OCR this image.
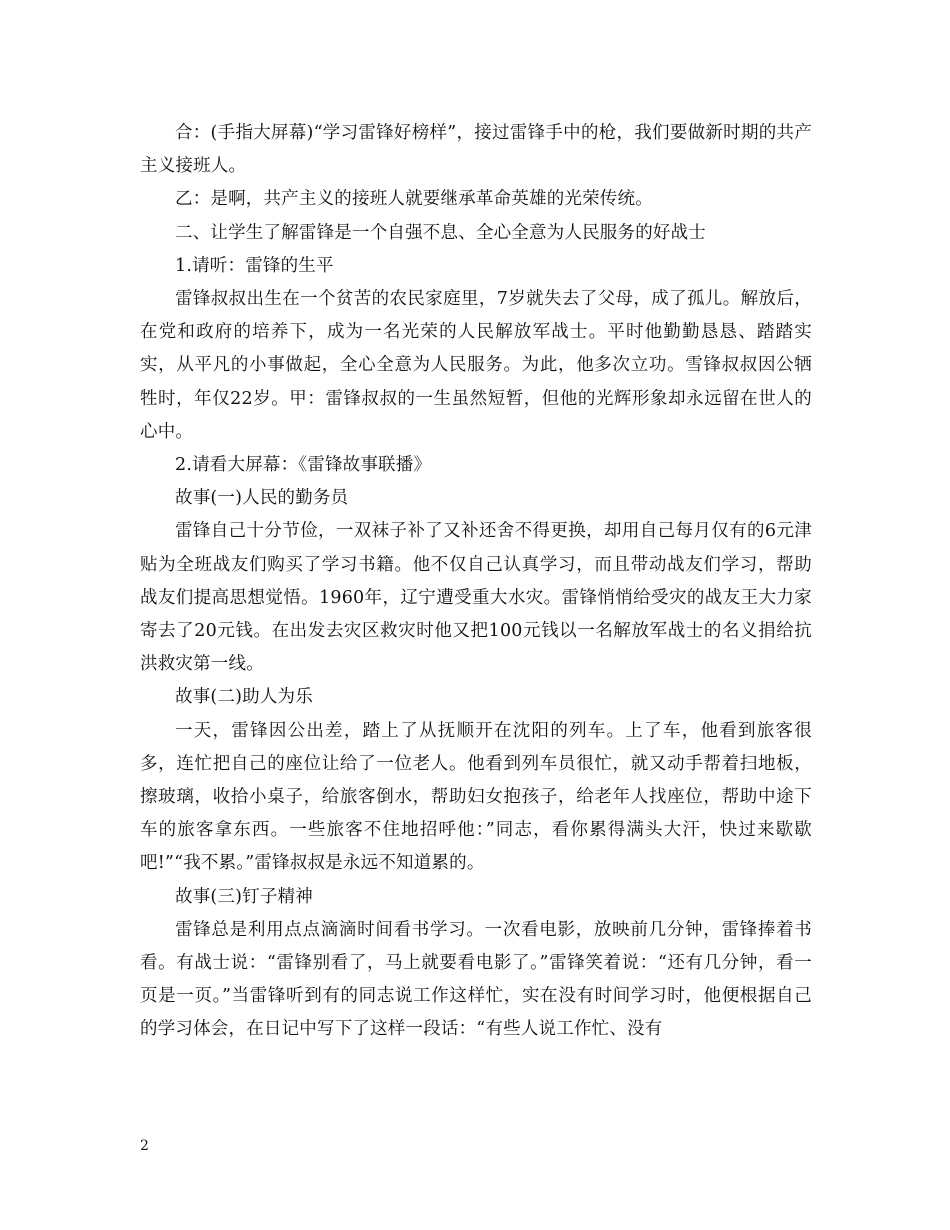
合：(手指大屏幕)“学习雷锋好榜样”，接过雷锋手中的枪，我们要做新时期的共产主义接班人。

乙：是啊，共产主义的接班人就要继承革命英雄的光荣传统。

二、让学生了解雷锋是一个自强不息、全心全意为人民服务的好战士

1.请听：雷锋的生平

雷锋叔叔出生在一个贫苦的农民家庭里，7岁就失去了父母，成了孤儿。解放后，在党和政府的培养下，成为一名光荣的人民解放军战士。平时他勤勤恳恳、踏踏实实，从平凡的小事做起，全心全意为人民服务。为此，他多次立功。雪锋叔叔因公牺牲时，年仅22岁。甲：雷锋叔叔的一生虽然短暂，但他的光辉形象却永远留在世人的心中。

2.请看大屏幕：《雷锋故事联播》

故事(一)人民的勤务员

雷锋自己十分节俭，一双袜子补了又补还舍不得更换，却用自己每月仅有的6元津贴为全班战友们购买了学习书籍。他不仅自己认真学习，而且带动战友们学习，帮助战友们提高思想觉悟。1960年，辽宁遭受重大水灾。雷锋悄悄给受灾的战友王大力家寄去了20元钱。在出发去灾区救灾时他又把100元钱以一名解放军战士的名义捐给抗洪救灾第一线。

故事(二)助人为乐

一天，雷锋因公出差，踏上了从抚顺开在沈阳的列车。上了车，他看到旅客很多，连忙把自己的座位让给了一位老人。他看到列车员很忙，就又动手帮着扫地板，擦玻璃，收拾小桌子，给旅客倒水，帮助妇女抱孩子，给老年人找座位，帮助中途下车的旅客拿东西。一些旅客不住地招呼他：”同志，看你累得满头大汗，快过来歇歇吧!”“我不累。”雷锋叔叔是永远不知道累的。

故事(三)钉子精神

雷锋总是利用点点滴滴时间看书学习。一次看电影，放映前几分钟，雷锋捧着书看。有战士说：“雷锋别看了，马上就要看电影了。”雷锋笑着说：“还有几分钟，看一页是一页。”当雷锋听到有的同志说工作这样忙，实在没有时间学习时，他便根据自己的学习体会，在日记中写下了这样一段话：“有些人说工作忙、没有

2
